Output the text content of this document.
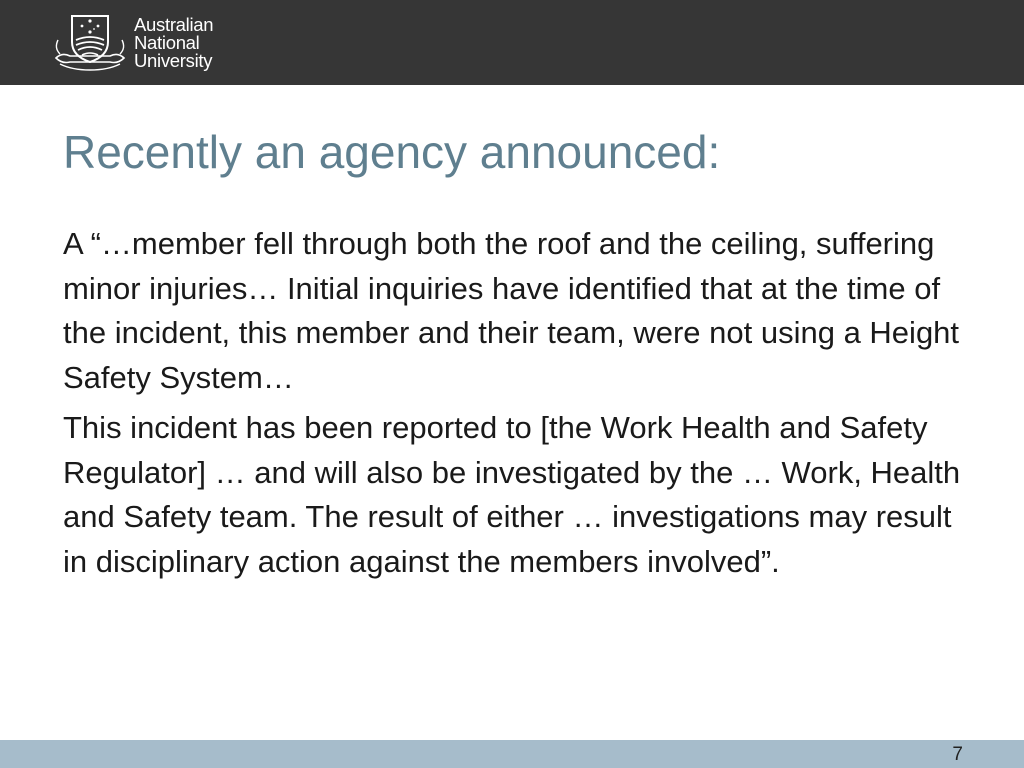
Australian
National
University
Recently an agency announced:

A “…member fell through both the roof and the ceiling, suffering minor injuries… Initial inquiries have identified that at the time of the incident, this member and their team, were not using a Height Safety System…

This incident has been reported to [the Work Health and Safety Regulator] … and will also be investigated by the … Work, Health and Safety team. The result of either … investigations may result in disciplinary action against the members involved”.

7
